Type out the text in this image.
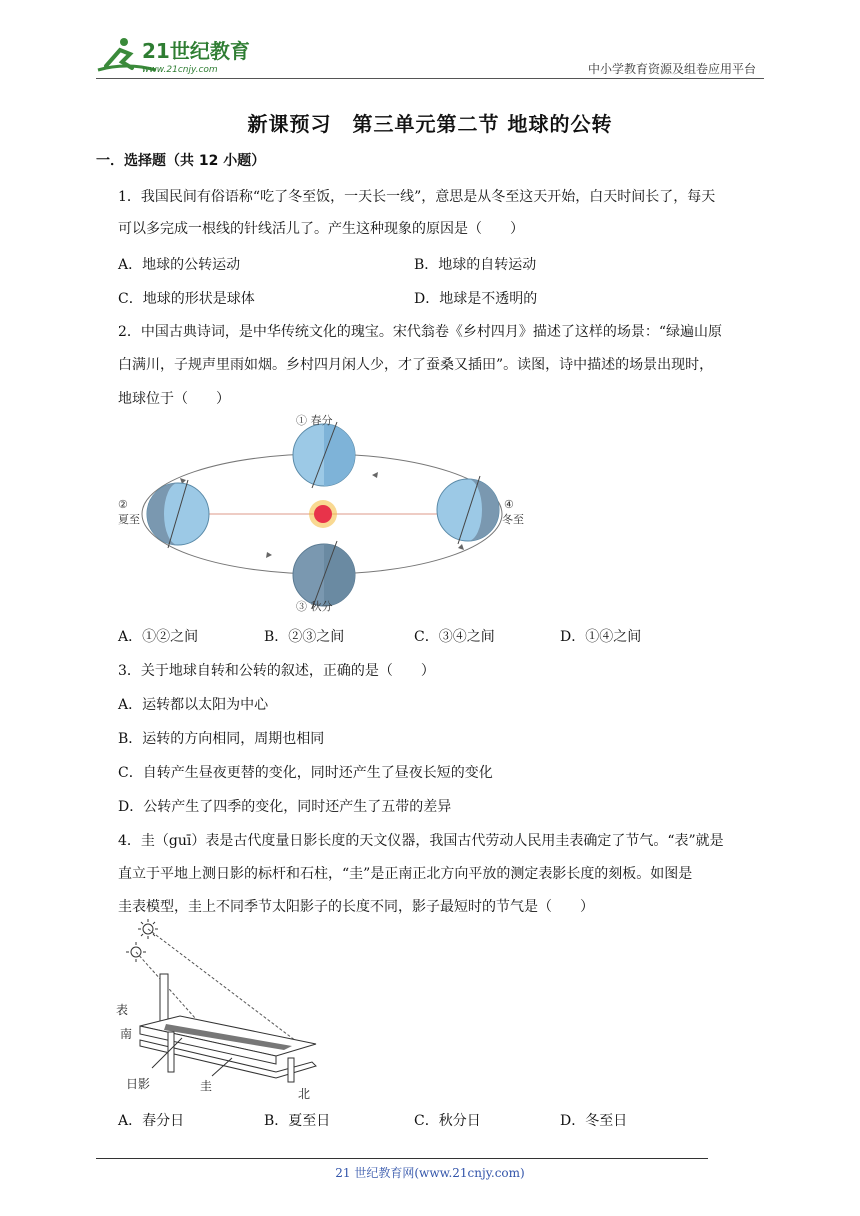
21世纪教育
www.21cnjy.com	中小学教育资源及组卷应用平台
新课预习　第三单元第二节 地球的公转
一．选择题（共 12 小题）
1．我国民间有俗语称“吃了冬至饭，一天长一线”，意思是从冬至这天开始，白天时间长了，每天
可以多完成一根线的针线活儿了。产生这种现象的原因是（　　）
A．地球的公转运动	B．地球的自转运动
C．地球的形状是球体	D．地球是不透明的
2．中国古典诗词，是中华传统文化的瑰宝。宋代翁卷《乡村四月》描述了这样的场景：“绿遍山原
白满川，子规声里雨如烟。乡村四月闲人少，才了蚕桑又插田”。读图，诗中描述的场景出现时，
地球位于（　　）
① 春分
②
夏至
③ 秋分
④
冬至
A．①②之间	B．②③之间	C．③④之间	D．①④之间
3．关于地球自转和公转的叙述，正确的是（　　）
A．运转都以太阳为中心
B．运转的方向相同，周期也相同
C．自转产生昼夜更替的变化，同时还产生了昼夜长短的变化
D．公转产生了四季的变化，同时还产生了五带的差异
4．圭（guī）表是古代度量日影长度的天文仪器，我国古代劳动人民用圭表确定了节气。“表”就是
直立于平地上测日影的标杆和石柱，“圭”是正南正北方向平放的测定表影长度的刻板。如图是
圭表模型，圭上不同季节太阳影子的长度不同，影子最短时的节气是（　　）
表
南
日影	圭
北
A．春分日	B．夏至日	C．秋分日	D．冬至日
21 世纪教育网(www.21cnjy.com)
